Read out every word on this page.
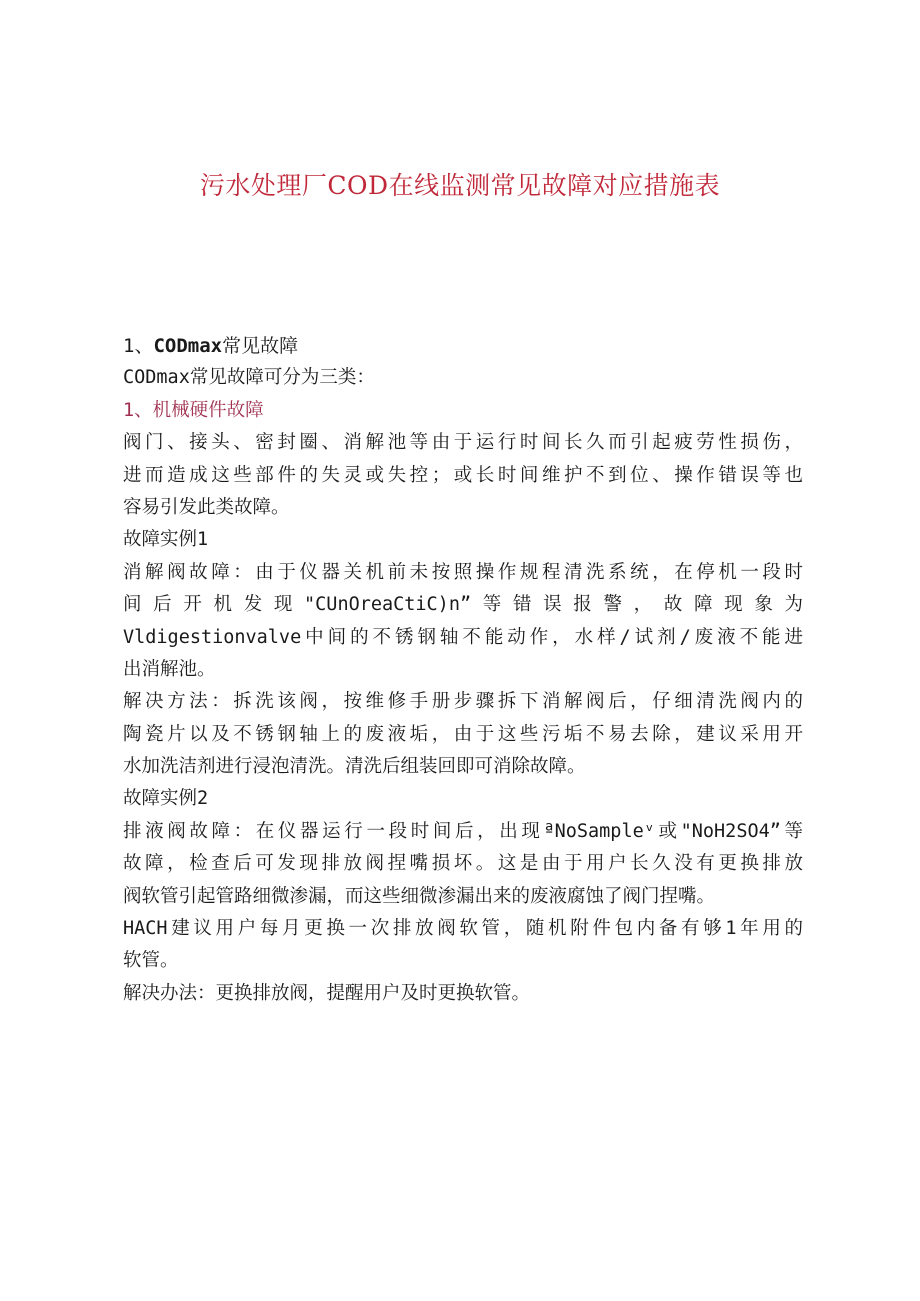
污水处理厂COD在线监测常见故障对应措施表
1、CODmax常见故障
CODmax常见故障可分为三类：
1、机械硬件故障
阀门、接头、密封圈、消解池等由于运行时间长久而引起疲劳性损伤，
进而造成这些部件的失灵或失控；或长时间维护不到位、操作错误等也
容易引发此类故障。
故障实例1
消解阀故障：由于仪器关机前未按照操作规程清洗系统，在停机一段时
间后开机发现"CUnOreaCtiC)n”等错误报警，故障现象为
Vldigestionvalve中间的不锈钢轴不能动作，水样/试剂/废液不能进
出消解池。
解决方法：拆洗该阀，按维修手册步骤拆下消解阀后，仔细清洗阀内的
陶瓷片以及不锈钢轴上的废液垢，由于这些污垢不易去除，建议采用开
水加洗洁剂进行浸泡清洗。清洗后组装回即可消除故障。
故障实例2
排液阀故障：在仪器运行一段时间后，出现ªNoSampleᵛ或"NoH2SO4”等
故障，检查后可发现排放阀捏嘴损坏。这是由于用户长久没有更换排放
阀软管引起管路细微渗漏，而这些细微渗漏出来的废液腐蚀了阀门捏嘴。
HACH建议用户每月更换一次排放阀软管，随机附件包内备有够1年用的
软管。
解决办法：更换排放阀，提醒用户及时更换软管。
